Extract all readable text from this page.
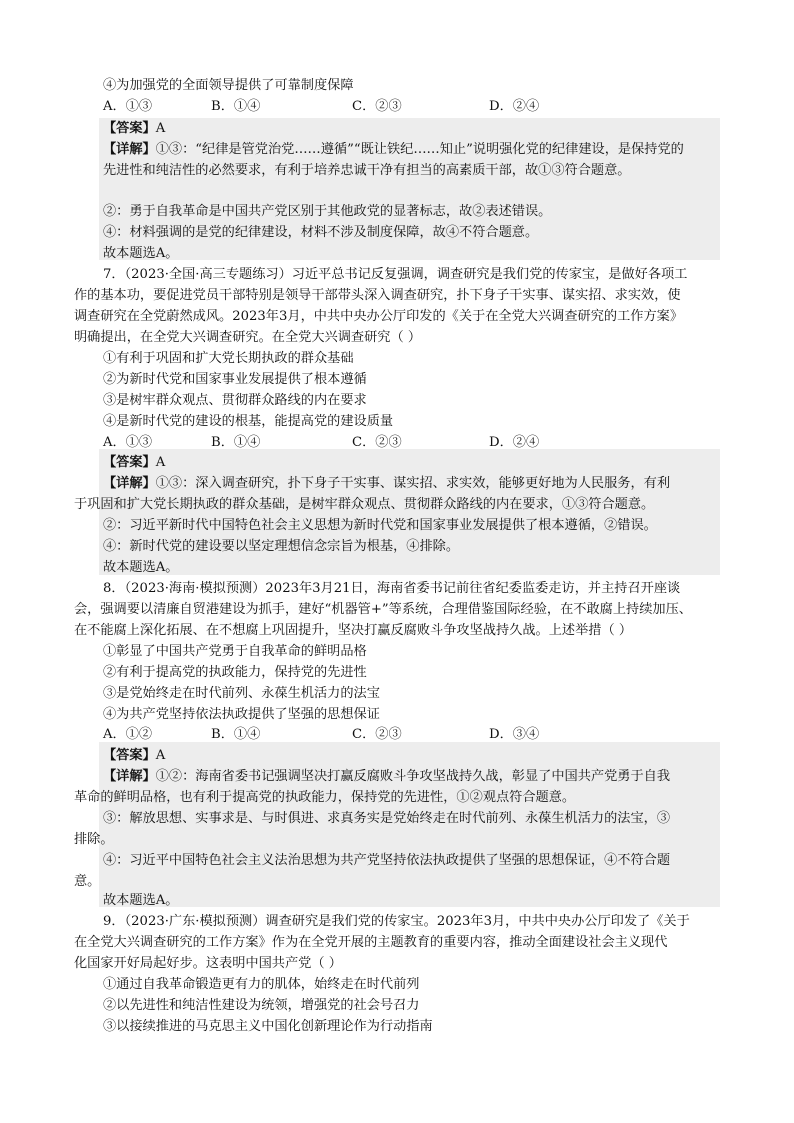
④为加强党的全面领导提供了可靠制度保障
A．①③	B．①④	C．②③	D．②④
【答案】A
【详解】①③：“纪律是管党治党……遵循”“既让铁纪……知止”说明强化党的纪律建设，是保持党的
先进性和纯洁性的必然要求，有利于培养忠诚干净有担当的高素质干部，故①③符合题意。
②：勇于自我革命是中国共产党区别于其他政党的显著标志，故②表述错误。
④：材料强调的是党的纪律建设，材料不涉及制度保障，故④不符合题意。
故本题选A。
7．（2023·全国·高三专题练习）习近平总书记反复强调，调查研究是我们党的传家宝，是做好各项工
作的基本功，要促进党员干部特别是领导干部带头深入调查研究，扑下身子干实事、谋实招、求实效，使
调查研究在全党蔚然成风。2023年3月，中共中央办公厅印发的《关于在全党大兴调查研究的工作方案》
明确提出，在全党大兴调查研究。在全党大兴调查研究（ ）
①有利于巩固和扩大党长期执政的群众基础
②为新时代党和国家事业发展提供了根本遵循
③是树牢群众观点、贯彻群众路线的内在要求
④是新时代党的建设的根基，能提高党的建设质量
A．①③	B．①④	C．②③	D．②④
【答案】A
【详解】①③：深入调查研究，扑下身子干实事、谋实招、求实效，能够更好地为人民服务，有利
于巩固和扩大党长期执政的群众基础，是树牢群众观点、贯彻群众路线的内在要求，①③符合题意。
②：习近平新时代中国特色社会主义思想为新时代党和国家事业发展提供了根本遵循，②错误。
④：新时代党的建设要以坚定理想信念宗旨为根基，④排除。
故本题选A。
8．（2023·海南·模拟预测）2023年3月21日，海南省委书记前往省纪委监委走访，并主持召开座谈
会，强调要以清廉自贸港建设为抓手，建好“机器管+”等系统，合理借鉴国际经验，在不敢腐上持续加压、
在不能腐上深化拓展、在不想腐上巩固提升，坚决打赢反腐败斗争攻坚战持久战。上述举措（ ）
①彰显了中国共产党勇于自我革命的鲜明品格
②有利于提高党的执政能力，保持党的先进性
③是党始终走在时代前列、永葆生机活力的法宝
④为共产党坚持依法执政提供了坚强的思想保证
A．①②	B．①④	C．②③	D．③④
【答案】A
【详解】①②：海南省委书记强调坚决打赢反腐败斗争攻坚战持久战，彰显了中国共产党勇于自我
革命的鲜明品格，也有利于提高党的执政能力，保持党的先进性，①②观点符合题意。
③：解放思想、实事求是、与时俱进、求真务实是党始终走在时代前列、永葆生机活力的法宝，③
排除。
④：习近平中国特色社会主义法治思想为共产党坚持依法执政提供了坚强的思想保证，④不符合题
意。
故本题选A。
9．（2023·广东·模拟预测）调查研究是我们党的传家宝。2023年3月，中共中央办公厅印发了《关于
在全党大兴调查研究的工作方案》作为在全党开展的主题教育的重要内容，推动全面建设社会主义现代
化国家开好局起好步。这表明中国共产党（ ）
①通过自我革命锻造更有力的肌体，始终走在时代前列
②以先进性和纯洁性建设为统领，增强党的社会号召力
③以接续推进的马克思主义中国化创新理论作为行动指南
